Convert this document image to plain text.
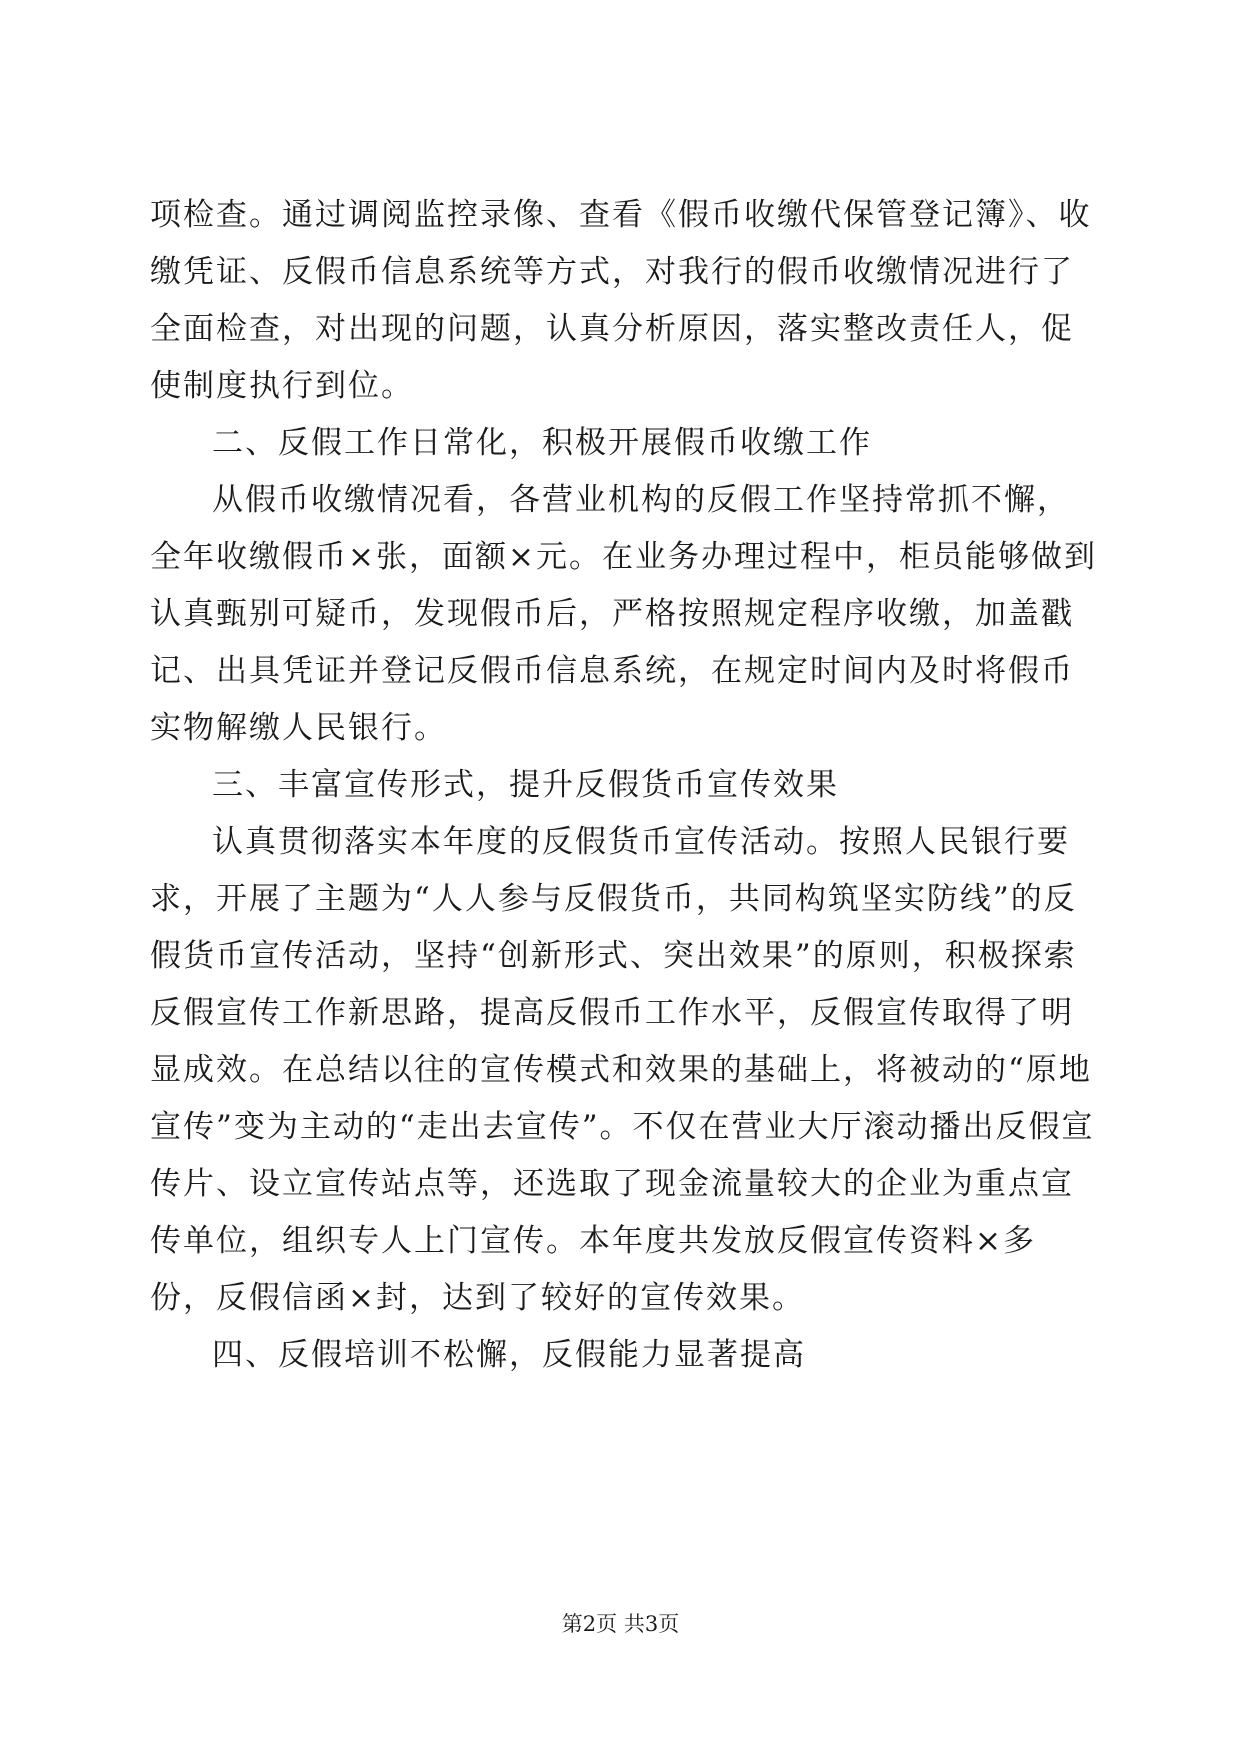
项检查。通过调阅监控录像、查看《假币收缴代保管登记簿》、收缴凭证、反假币信息系统等方式，对我行的假币收缴情况进行了全面检查，对出现的问题，认真分析原因，落实整改责任人，促使制度执行到位。

二、反假工作日常化，积极开展假币收缴工作

从假币收缴情况看，各营业机构的反假工作坚持常抓不懈，全年收缴假币×张，面额×元。在业务办理过程中，柜员能够做到认真甄别可疑币，发现假币后，严格按照规定程序收缴，加盖戳记、出具凭证并登记反假币信息系统，在规定时间内及时将假币实物解缴人民银行。

三、丰富宣传形式，提升反假货币宣传效果

认真贯彻落实本年度的反假货币宣传活动。按照人民银行要求，开展了主题为“人人参与反假货币，共同构筑坚实防线”的反假货币宣传活动，坚持“创新形式、突出效果”的原则，积极探索反假宣传工作新思路，提高反假币工作水平，反假宣传取得了明显成效。在总结以往的宣传模式和效果的基础上，将被动的“原地宣传”变为主动的“走出去宣传”。不仅在营业大厅滚动播出反假宣传片、设立宣传站点等，还选取了现金流量较大的企业为重点宣传单位，组织专人上门宣传。本年度共发放反假宣传资料×多份，反假信函×封，达到了较好的宣传效果。

四、反假培训不松懈，反假能力显著提高

第2页 共3页
